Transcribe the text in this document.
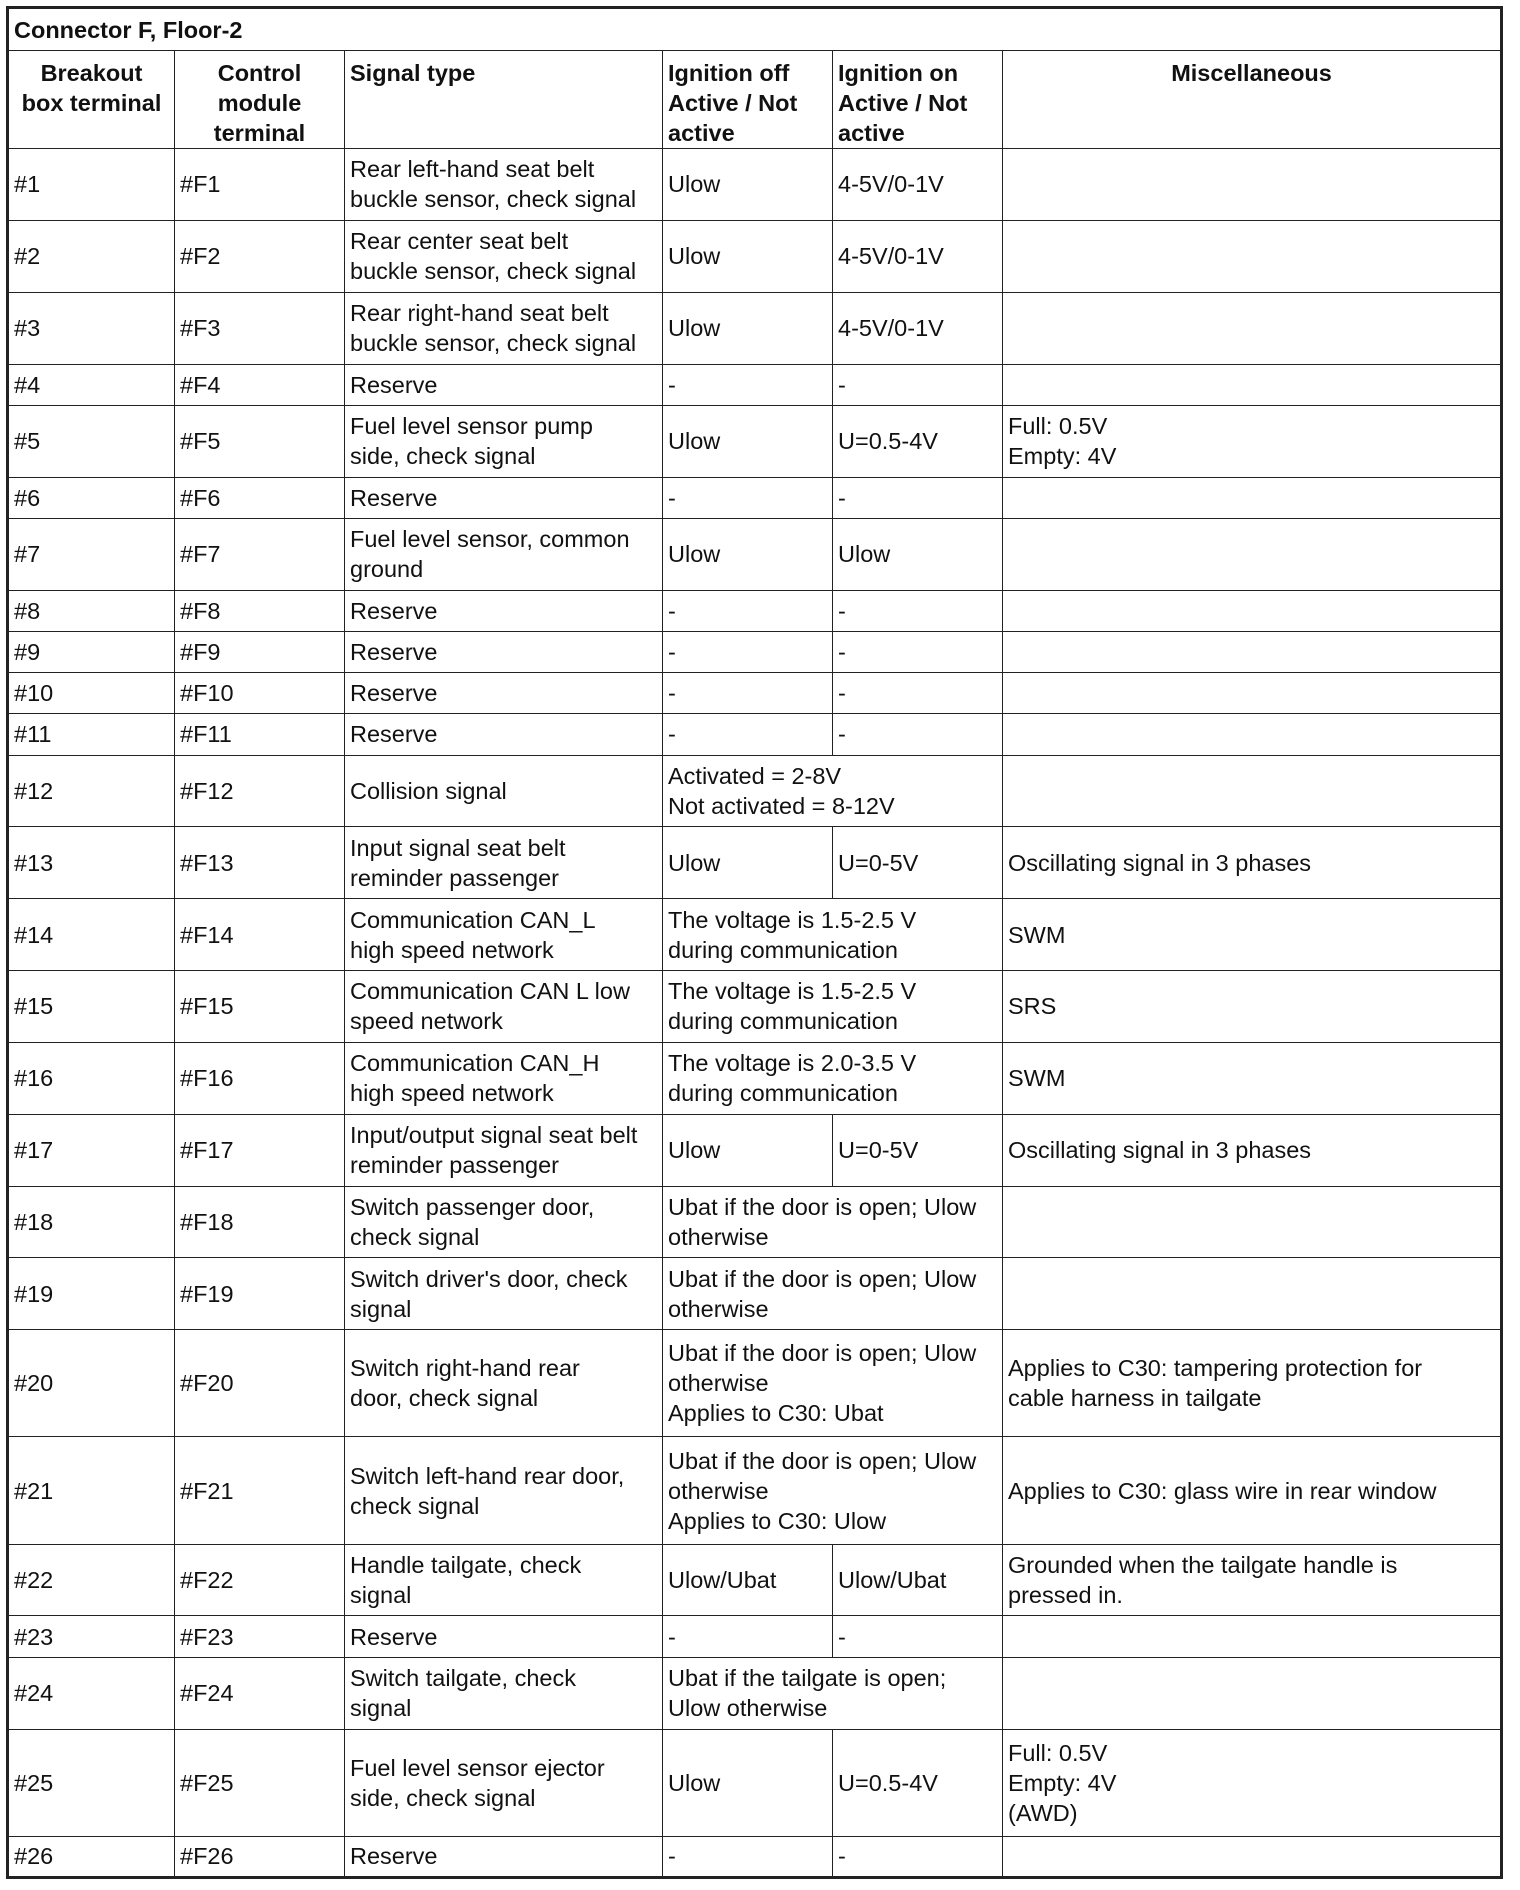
Connector F, Floor-2					
Breakout
box terminal	Control
module
terminal	Signal type	Ignition off
Active / Not
active	Ignition on
Active / Not
active	Miscellaneous
#1	#F1	Rear left-hand seat belt
buckle sensor, check signal	Ulow	4-5V/0-1V	
#2	#F2	Rear center seat belt
buckle sensor, check signal	Ulow	4-5V/0-1V	
#3	#F3	Rear right-hand seat belt
buckle sensor, check signal	Ulow	4-5V/0-1V	
#4	#F4	Reserve	-	-	
#5	#F5	Fuel level sensor pump
side, check signal	Ulow	U=0.5-4V	Full: 0.5V
Empty: 4V
#6	#F6	Reserve	-	-	
#7	#F7	Fuel level sensor, common
ground	Ulow	Ulow	
#8	#F8	Reserve	-	-	
#9	#F9	Reserve	-	-	
#10	#F10	Reserve	-	-	
#11	#F11	Reserve	-	-	
#12	#F12	Collision signal	Activated = 2-8V
Not activated = 8-12V		
#13	#F13	Input signal seat belt
reminder passenger	Ulow	U=0-5V	Oscillating signal in 3 phases
#14	#F14	Communication CAN_L
high speed network	The voltage is 1.5-2.5 V
during communication		SWM
#15	#F15	Communication CAN L low
speed network	The voltage is 1.5-2.5 V
during communication		SRS
#16	#F16	Communication CAN_H
high speed network	The voltage is 2.0-3.5 V
during communication		SWM
#17	#F17	Input/output signal seat belt
reminder passenger	Ulow	U=0-5V	Oscillating signal in 3 phases
#18	#F18	Switch passenger door,
check signal	Ubat if the door is open; Ulow
otherwise		
#19	#F19	Switch driver's door, check
signal	Ubat if the door is open; Ulow
otherwise		
#20	#F20	Switch right-hand rear
door, check signal	Ubat if the door is open; Ulow
otherwise
Applies to C30: Ubat		Applies to C30: tampering protection for
cable harness in tailgate
#21	#F21	Switch left-hand rear door,
check signal	Ubat if the door is open; Ulow
otherwise
Applies to C30: Ulow		Applies to C30: glass wire in rear window
#22	#F22	Handle tailgate, check
signal	Ulow/Ubat	Ulow/Ubat	Grounded when the tailgate handle is
pressed in.
#23	#F23	Reserve	-	-	
#24	#F24	Switch tailgate, check
signal	Ubat if the tailgate is open;
Ulow otherwise		
#25	#F25	Fuel level sensor ejector
side, check signal	Ulow	U=0.5-4V	Full: 0.5V
Empty: 4V
(AWD)
#26	#F26	Reserve	-	-	
